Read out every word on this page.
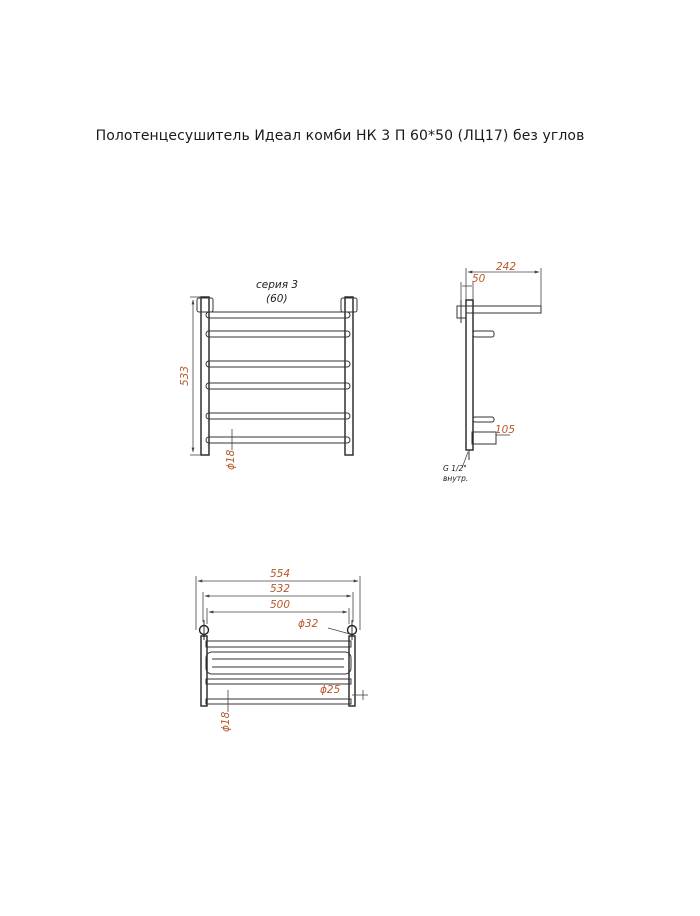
Полотенцесушитель Идеал комби НК 3 П 60*50 (ЛЦ17) без углов
533
серия 3
(60)
ϕ18
242
50
105
G 1/2"
внутр.
554
532
500
ϕ32
ϕ25
ϕ18
